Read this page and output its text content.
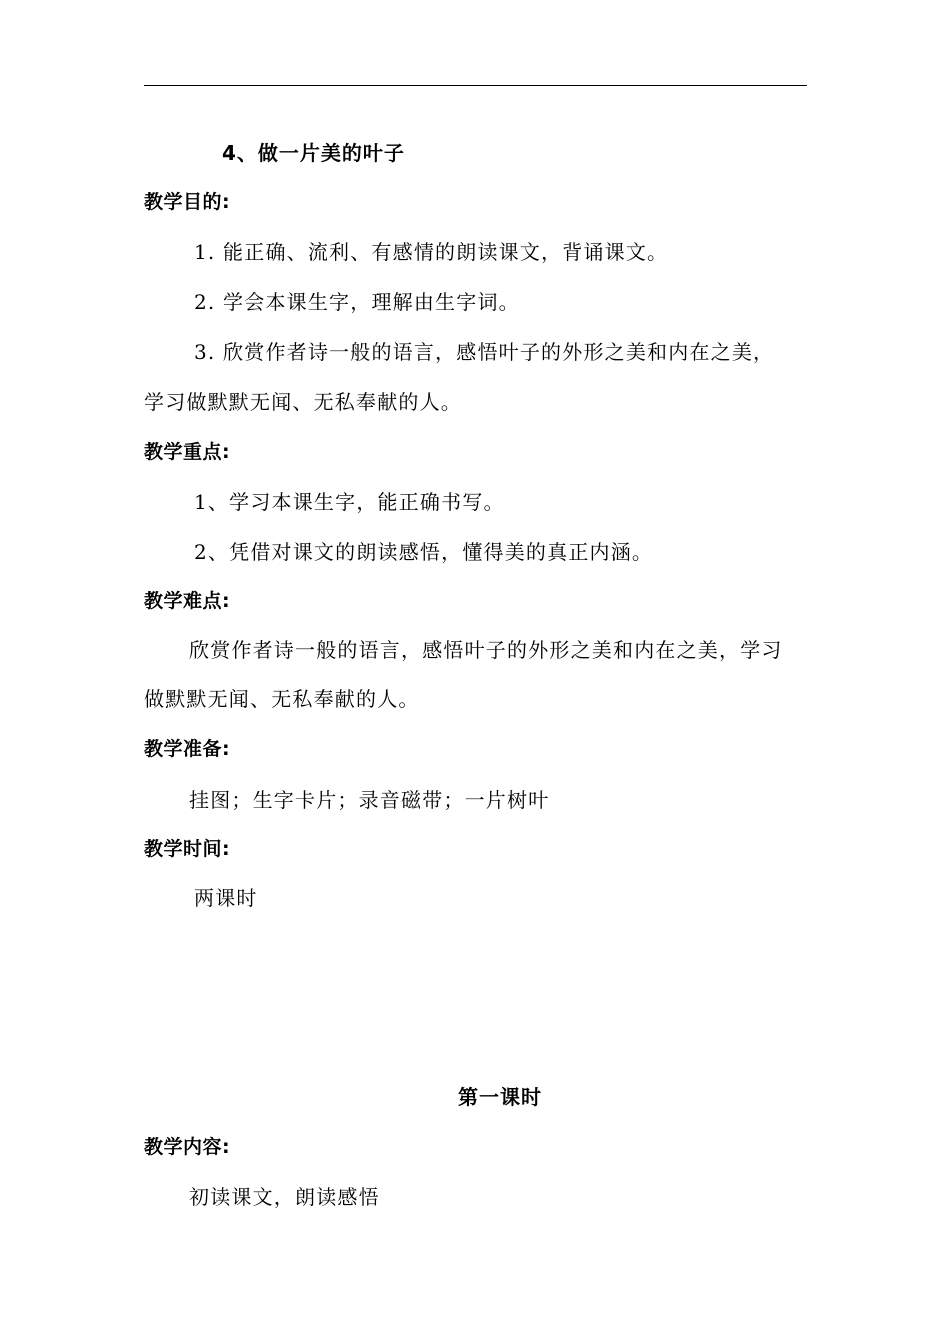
4、做一片美的叶子
教学目的:
1. 能正确、流利、有感情的朗读课文，背诵课文。
2. 学会本课生字，理解由生字词。
3. 欣赏作者诗一般的语言，感悟叶子的外形之美和内在之美，
学习做默默无闻、无私奉献的人。
教学重点:
1、学习本课生字，能正确书写。
2、凭借对课文的朗读感悟，懂得美的真正内涵。
教学难点:
欣赏作者诗一般的语言，感悟叶子的外形之美和内在之美，学习
做默默无闻、无私奉献的人。
教学准备:
挂图；生字卡片；录音磁带；一片树叶
教学时间:
两课时
第一课时
教学内容:
初读课文，朗读感悟
